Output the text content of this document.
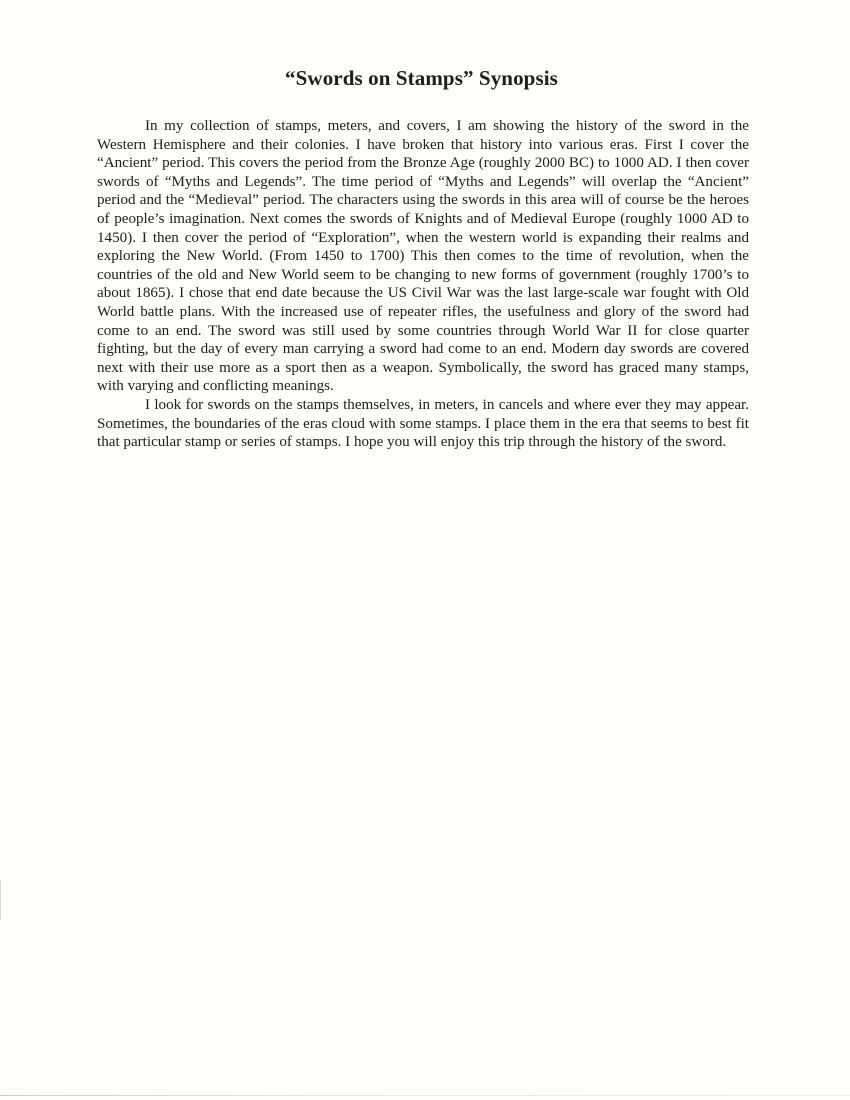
“Swords on Stamps” Synopsis

In my collection of stamps, meters, and covers, I am showing the history of the sword in the Western Hemisphere and their colonies. I have broken that history into various eras. First I cover the “Ancient” period. This covers the period from the Bronze Age (roughly 2000 BC) to 1000 AD. I then cover swords of “Myths and Legends”. The time period of “Myths and Legends” will overlap the “Ancient” period and the “Medieval” period. The characters using the swords in this area will of course be the heroes of people’s imagination. Next comes the swords of Knights and of Medieval Europe (roughly 1000 AD to 1450). I then cover the period of “Exploration”, when the western world is expanding their realms and exploring the New World. (From 1450 to 1700) This then comes to the time of revolution, when the countries of the old and New World seem to be changing to new forms of government (roughly 1700’s to about 1865). I chose that end date because the US Civil War was the last large-scale war fought with Old World battle plans. With the increased use of repeater rifles, the usefulness and glory of the sword had come to an end. The sword was still used by some countries through World War II for close quarter fighting, but the day of every man carrying a sword had come to an end. Modern day swords are covered next with their use more as a sport then as a weapon. Symbolically, the sword has graced many stamps, with varying and conflicting meanings.

I look for swords on the stamps themselves, in meters, in cancels and where ever they may appear. Sometimes, the boundaries of the eras cloud with some stamps. I place them in the era that seems to best fit that particular stamp or series of stamps. I hope you will enjoy this trip through the history of the sword.
